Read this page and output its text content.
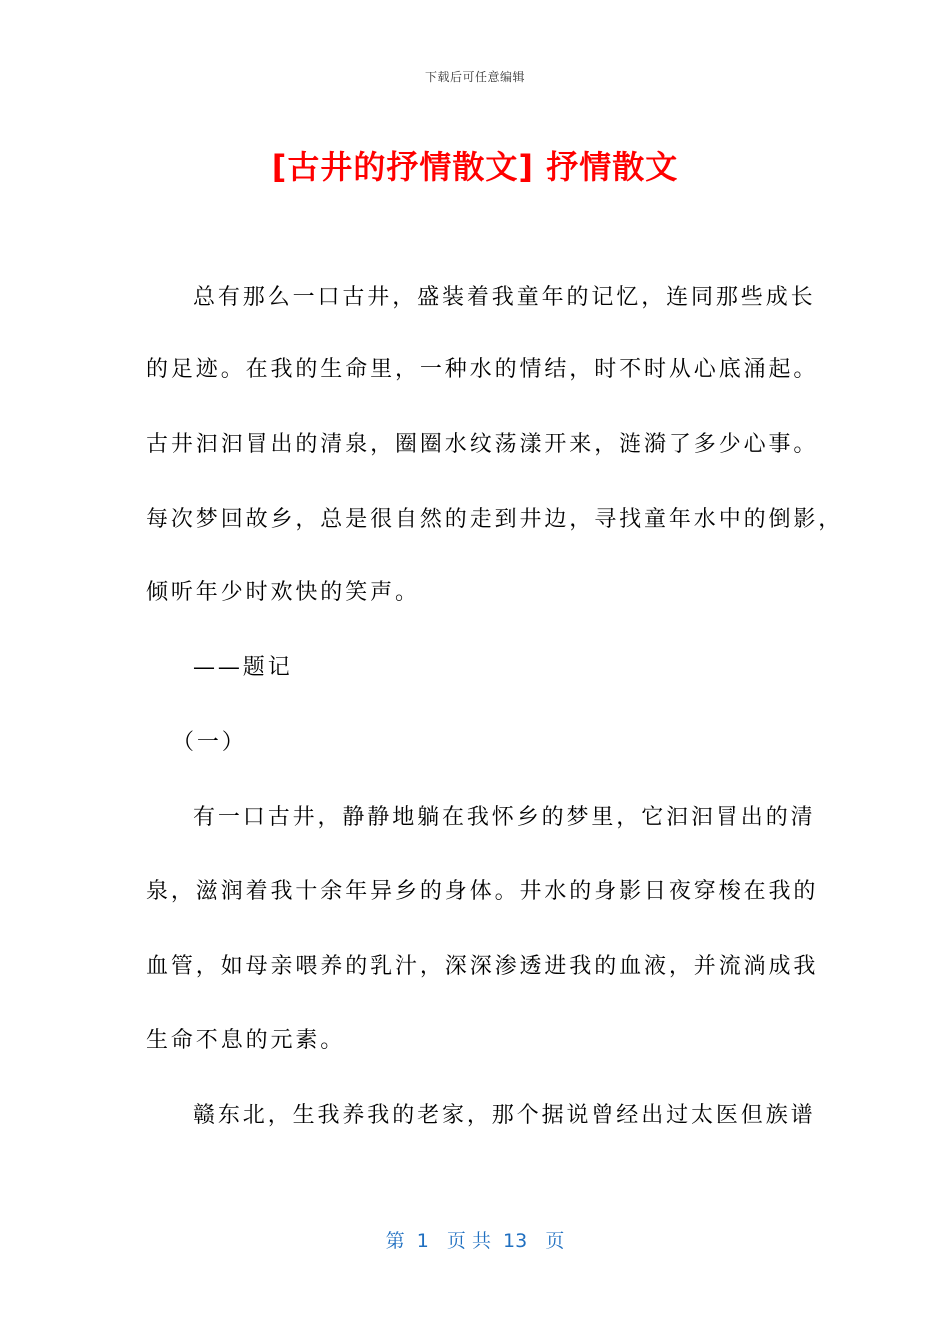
下载后可任意编辑
[古井的抒情散文] 抒情散文
总有那么一口古井，盛装着我童年的记忆，连同那些成长
的足迹。在我的生命里，一种水的情结，时不时从心底涌起。
古井汩汩冒出的清泉，圈圈水纹荡漾开来，涟漪了多少心事。
每次梦回故乡，总是很自然的走到井边，寻找童年水中的倒影，
倾听年少时欢快的笑声。
——题记
（一）
有一口古井，静静地躺在我怀乡的梦里，它汩汩冒出的清
泉，滋润着我十余年异乡的身体。井水的身影日夜穿梭在我的
血管，如母亲喂养的乳汁，深深渗透进我的血液，并流淌成我
生命不息的元素。
赣东北，生我养我的老家，那个据说曾经出过太医但族谱
第  1   页 共  13   页
